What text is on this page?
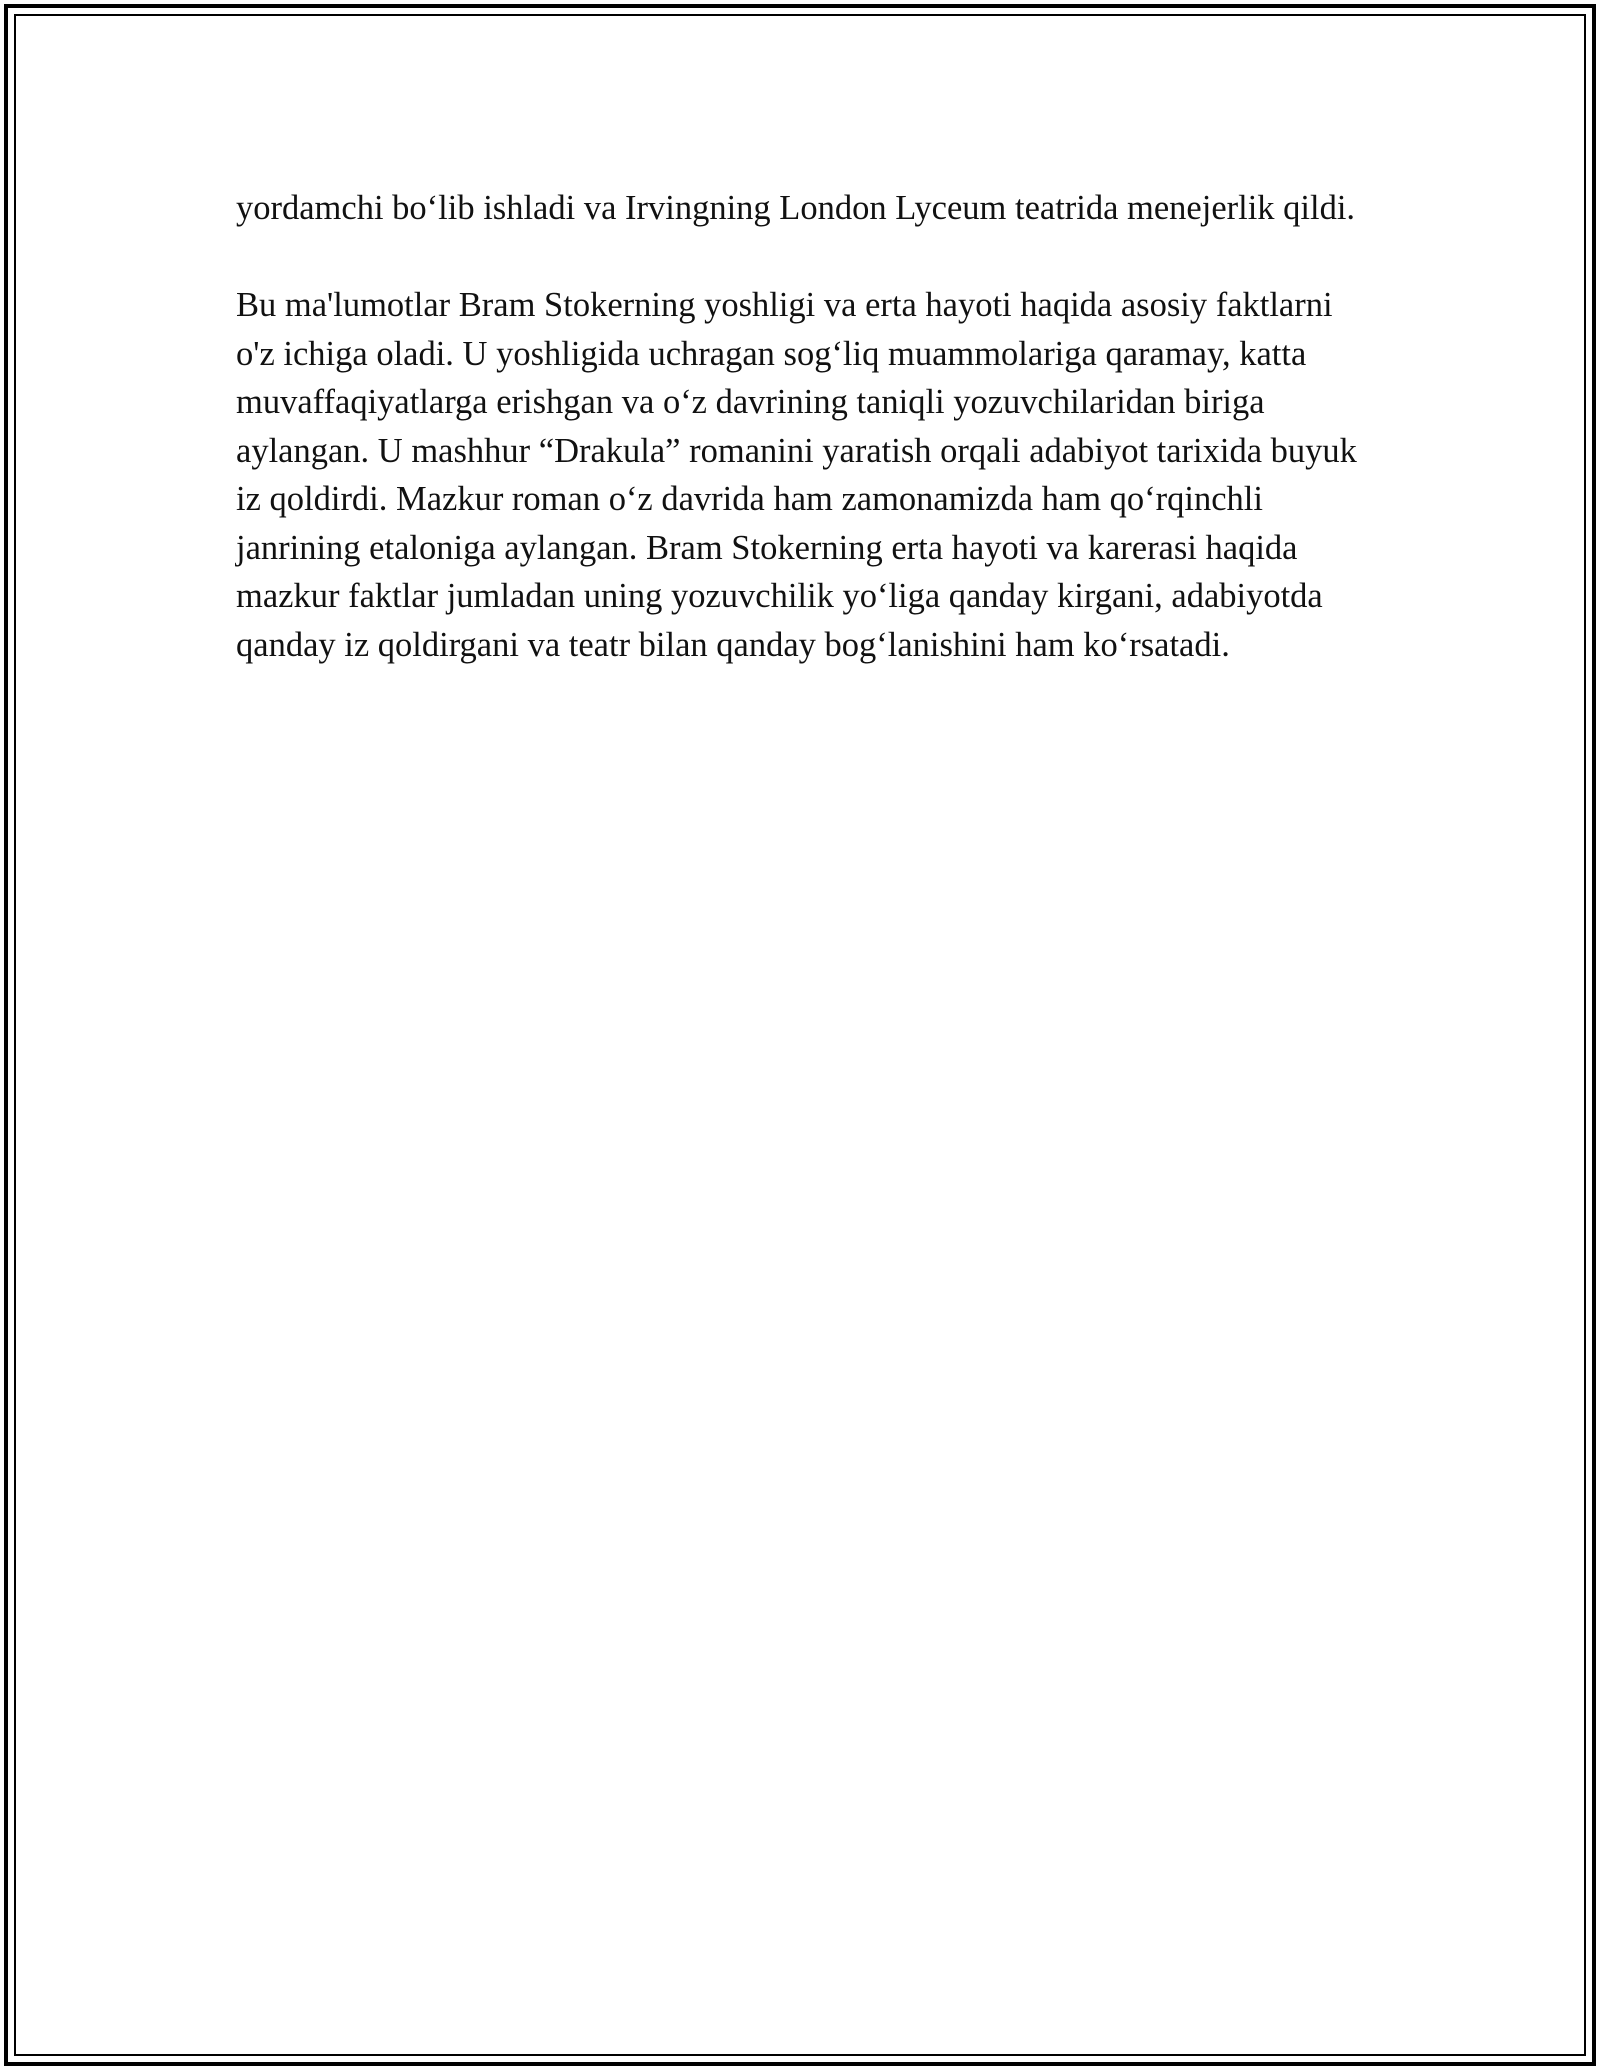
yordamchi bo‘lib ishladi va Irvingning London Lyceum teatrida menejerlik qildi.

Bu ma'lumotlar Bram Stokerning yoshligi va erta hayoti haqida asosiy faktlarni o'z ichiga oladi. U yoshligida uchragan sog‘liq muammolariga qaramay, katta muvaffaqiyatlarga erishgan va o‘z davrining taniqli yozuvchilaridan biriga aylangan. U mashhur “Drakula” romanini yaratish orqali adabiyot tarixida buyuk iz qoldirdi. Mazkur roman o‘z davrida ham zamonamizda ham qo‘rqinchli janrining etaloniga aylangan. Bram Stokerning erta hayoti va karerasi haqida mazkur faktlar jumladan uning yozuvchilik yo‘liga qanday kirgani, adabiyotda qanday iz qoldirgani va teatr bilan qanday bog‘lanishini ham ko‘rsatadi.
